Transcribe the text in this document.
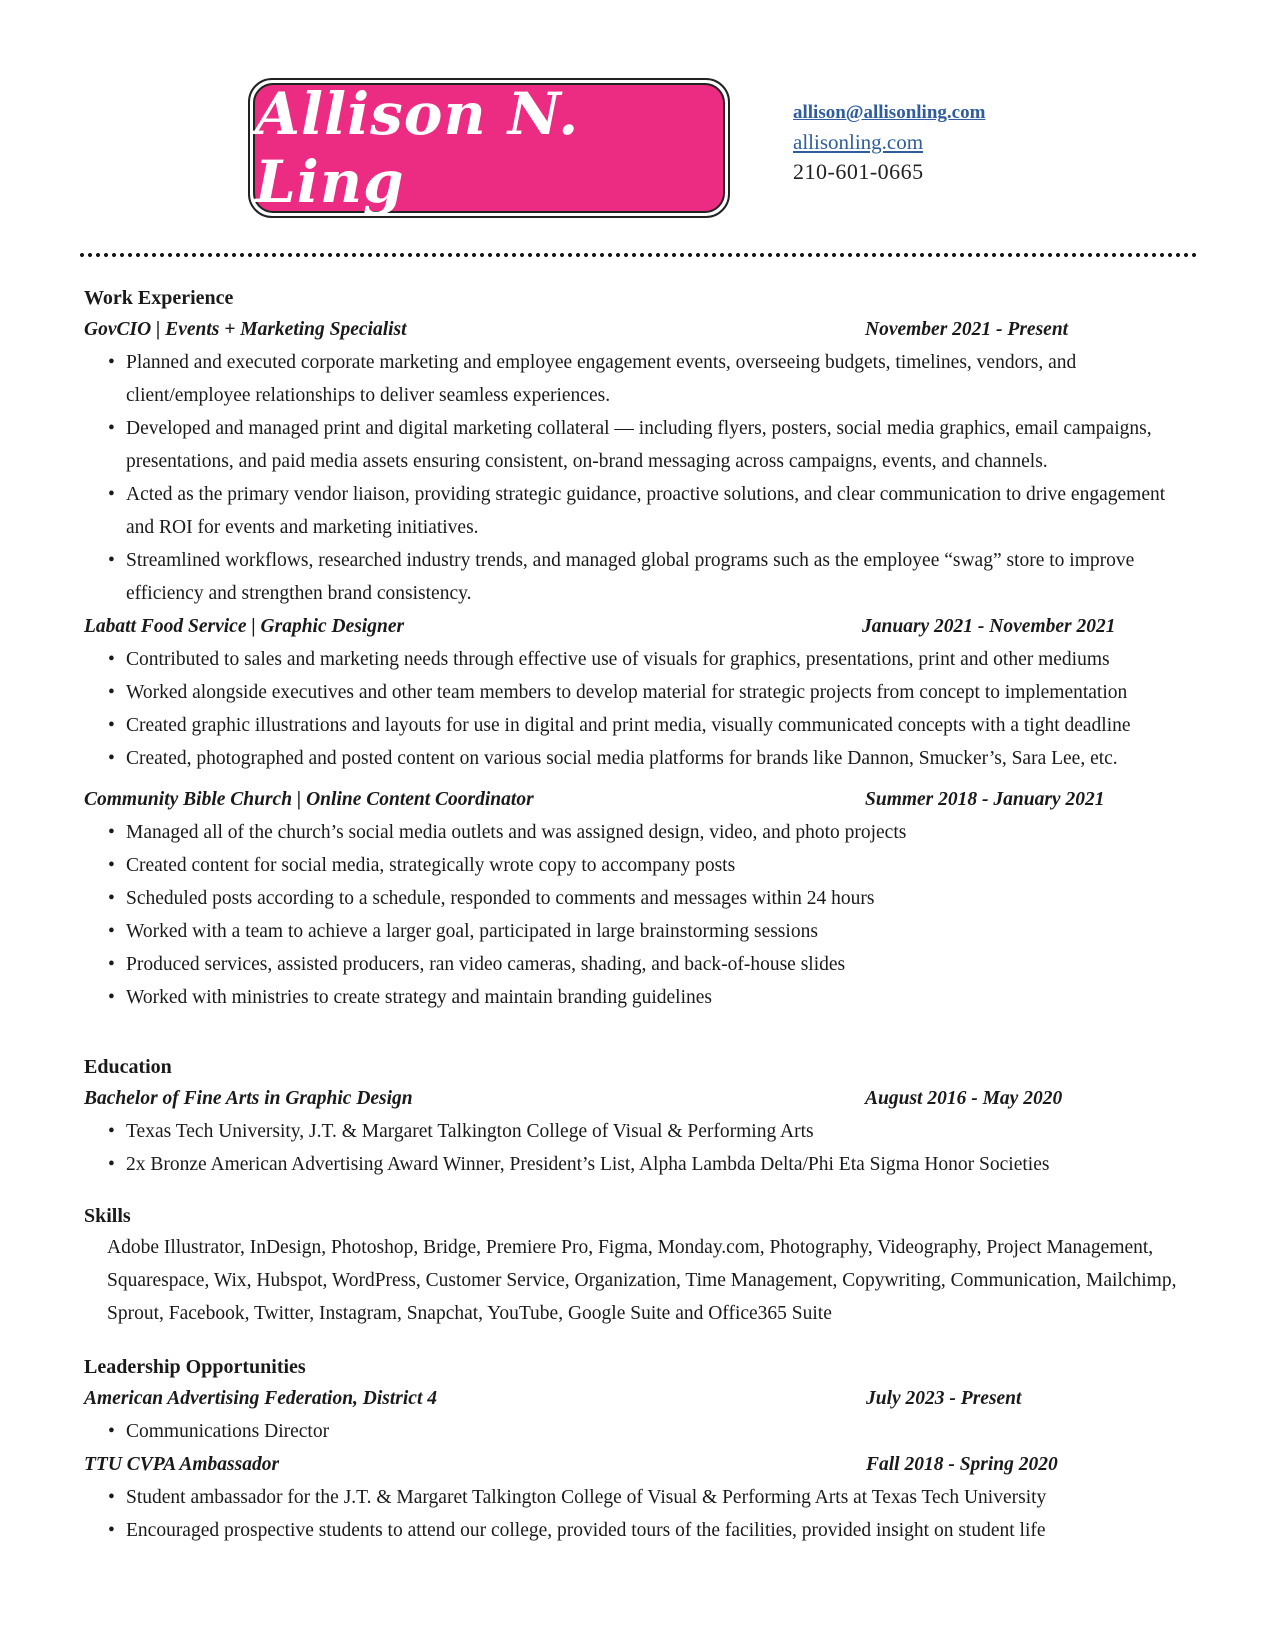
Allison N. Ling
allison@allisonling.com
allisonling.com
210-601-0665
Work Experience
GovCIO | Events + Marketing Specialist	November 2021 - Present
• Planned and executed corporate marketing and employee engagement events, overseeing budgets, timelines, vendors, and client/employee relationships to deliver seamless experiences.
• Developed and managed print and digital marketing collateral — including flyers, posters, social media graphics, email campaigns, presentations, and paid media assets ensuring consistent, on-brand messaging across campaigns, events, and channels.
• Acted as the primary vendor liaison, providing strategic guidance, proactive solutions, and clear communication to drive engagement and ROI for events and marketing initiatives.
• Streamlined workflows, researched industry trends, and managed global programs such as the employee “swag” store to improve efficiency and strengthen brand consistency.
Labatt Food Service | Graphic Designer	January 2021 - November 2021
• Contributed to sales and marketing needs through effective use of visuals for graphics, presentations, print and other mediums
• Worked alongside executives and other team members to develop material for strategic projects from concept to implementation
• Created graphic illustrations and layouts for use in digital and print media, visually communicated concepts with a tight deadline
• Created, photographed and posted content on various social media platforms for brands like Dannon, Smucker’s, Sara Lee, etc.
Community Bible Church | Online Content Coordinator	Summer 2018 - January 2021
• Managed all of the church’s social media outlets and was assigned design, video, and photo projects
• Created content for social media, strategically wrote copy to accompany posts
• Scheduled posts according to a schedule, responded to comments and messages within 24 hours
• Worked with a team to achieve a larger goal, participated in large brainstorming sessions
• Produced services, assisted producers, ran video cameras, shading, and back-of-house slides
• Worked with ministries to create strategy and maintain branding guidelines
Education
Bachelor of Fine Arts in Graphic Design	August 2016 - May 2020
• Texas Tech University, J.T. & Margaret Talkington College of Visual & Performing Arts
• 2x Bronze American Advertising Award Winner, President’s List, Alpha Lambda Delta/Phi Eta Sigma Honor Societies
Skills
Adobe Illustrator, InDesign, Photoshop, Bridge, Premiere Pro, Figma, Monday.com, Photography, Videography, Project Management, Squarespace, Wix, Hubspot, WordPress, Customer Service, Organization, Time Management, Copywriting, Communication, Mailchimp, Sprout, Facebook, Twitter, Instagram, Snapchat, YouTube, Google Suite and Office365 Suite
Leadership Opportunities
American Advertising Federation, District 4	July 2023 - Present
• Communications Director
TTU CVPA Ambassador	Fall 2018 - Spring 2020
• Student ambassador for the J.T. & Margaret Talkington College of Visual & Performing Arts at Texas Tech University
• Encouraged prospective students to attend our college, provided tours of the facilities, provided insight on student life
